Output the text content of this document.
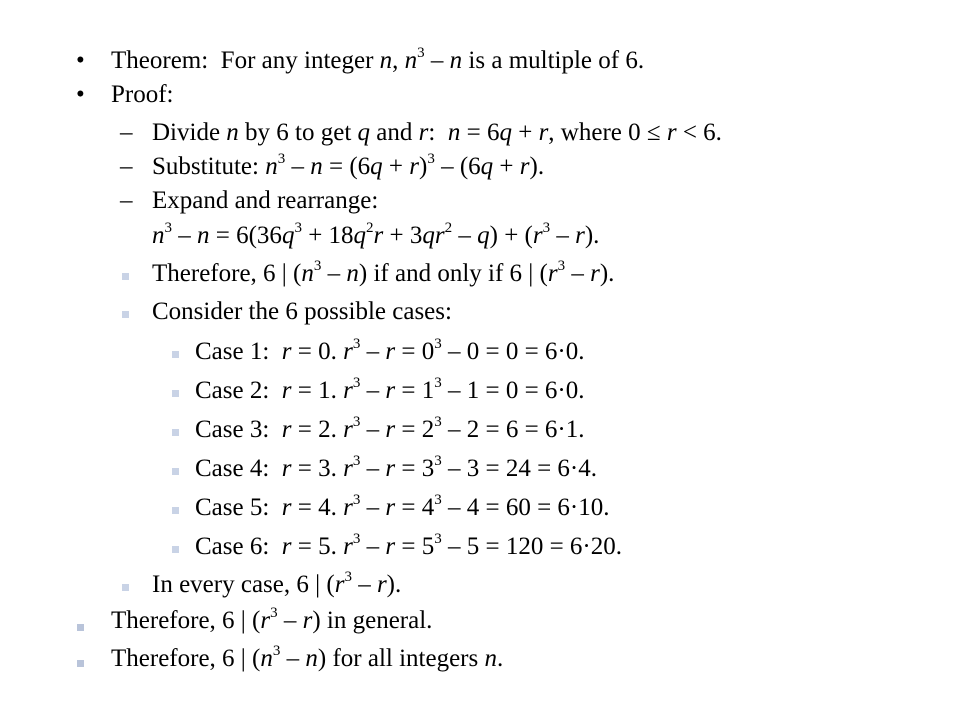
• Theorem:  For any integer n, $n^3$ – n is a multiple of 6.
• Proof:
– Divide n by 6 to get q and r:  n = 6q + r, where 0 ≤ r < 6.
– Substitute: $n^3 - n = (6q + r)^3 - (6q + r)$.
– Expand and rearrange:
$n^3 - n = 6(36q^3 + 18q^2r + 3qr^2 - q) + (r^3 - r)$.
Therefore, 6 | $(n^3 - n)$ if and only if 6 | $(r^3 - r)$.
Consider the 6 possible cases:
Case 1:  r = 0. $r^3 - r = 0^3 - 0 = 0 = 6\cdot 0$.
Case 2:  r = 1. $r^3 - r = 1^3 - 1 = 0 = 6\cdot 0$.
Case 3:  r = 2. $r^3 - r = 2^3 - 2 = 6 = 6\cdot 1$.
Case 4:  r = 3. $r^3 - r = 3^3 - 3 = 24 = 6\cdot 4$.
Case 5:  r = 4. $r^3 - r = 4^3 - 4 = 60 = 6\cdot 10$.
Case 6:  r = 5. $r^3 - r = 5^3 - 5 = 120 = 6\cdot 20$.
In every case, 6 | $(r^3 - r)$.
Therefore, 6 | $(r^3 - r)$ in general.
Therefore, 6 | $(n^3 - n)$ for all integers n.
